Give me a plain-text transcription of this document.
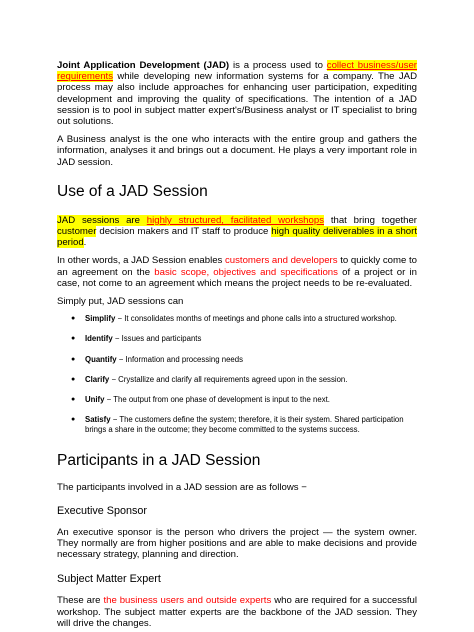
Joint Application Development (JAD) is a process used to collect business/user requirements while developing new information systems for a company. The JAD process may also include approaches for enhancing user participation, expediting development and improving the quality of specifications. The intention of a JAD session is to pool in subject matter expert's/Business analyst or IT specialist to bring out solutions.

A Business analyst is the one who interacts with the entire group and gathers the information, analyses it and brings out a document. He plays a very important role in JAD session.

Use of a JAD Session

JAD sessions are highly structured, facilitated workshops that bring together customer decision makers and IT staff to produce high quality deliverables in a short period.

In other words, a JAD Session enables customers and developers to quickly come to an agreement on the basic scope, objectives and specifications of a project or in case, not come to an agreement which means the project needs to be re-evaluated.

Simply put, JAD sessions can

● Simplify − It consolidates months of meetings and phone calls into a structured workshop.
● Identify − Issues and participants
● Quantify − Information and processing needs
● Clarify − Crystallize and clarify all requirements agreed upon in the session.
● Unify − The output from one phase of development is input to the next.
● Satisfy − The customers define the system; therefore, it is their system. Shared participation brings a share in the outcome; they become committed to the systems success.
Participants in a JAD Session

The participants involved in a JAD session are as follows −

Executive Sponsor

An executive sponsor is the person who drivers the project — the system owner. They normally are from higher positions and are able to make decisions and provide necessary strategy, planning and direction.

Subject Matter Expert

These are the business users and outside experts who are required for a successful workshop. The subject matter experts are the backbone of the JAD session. They will drive the changes.
